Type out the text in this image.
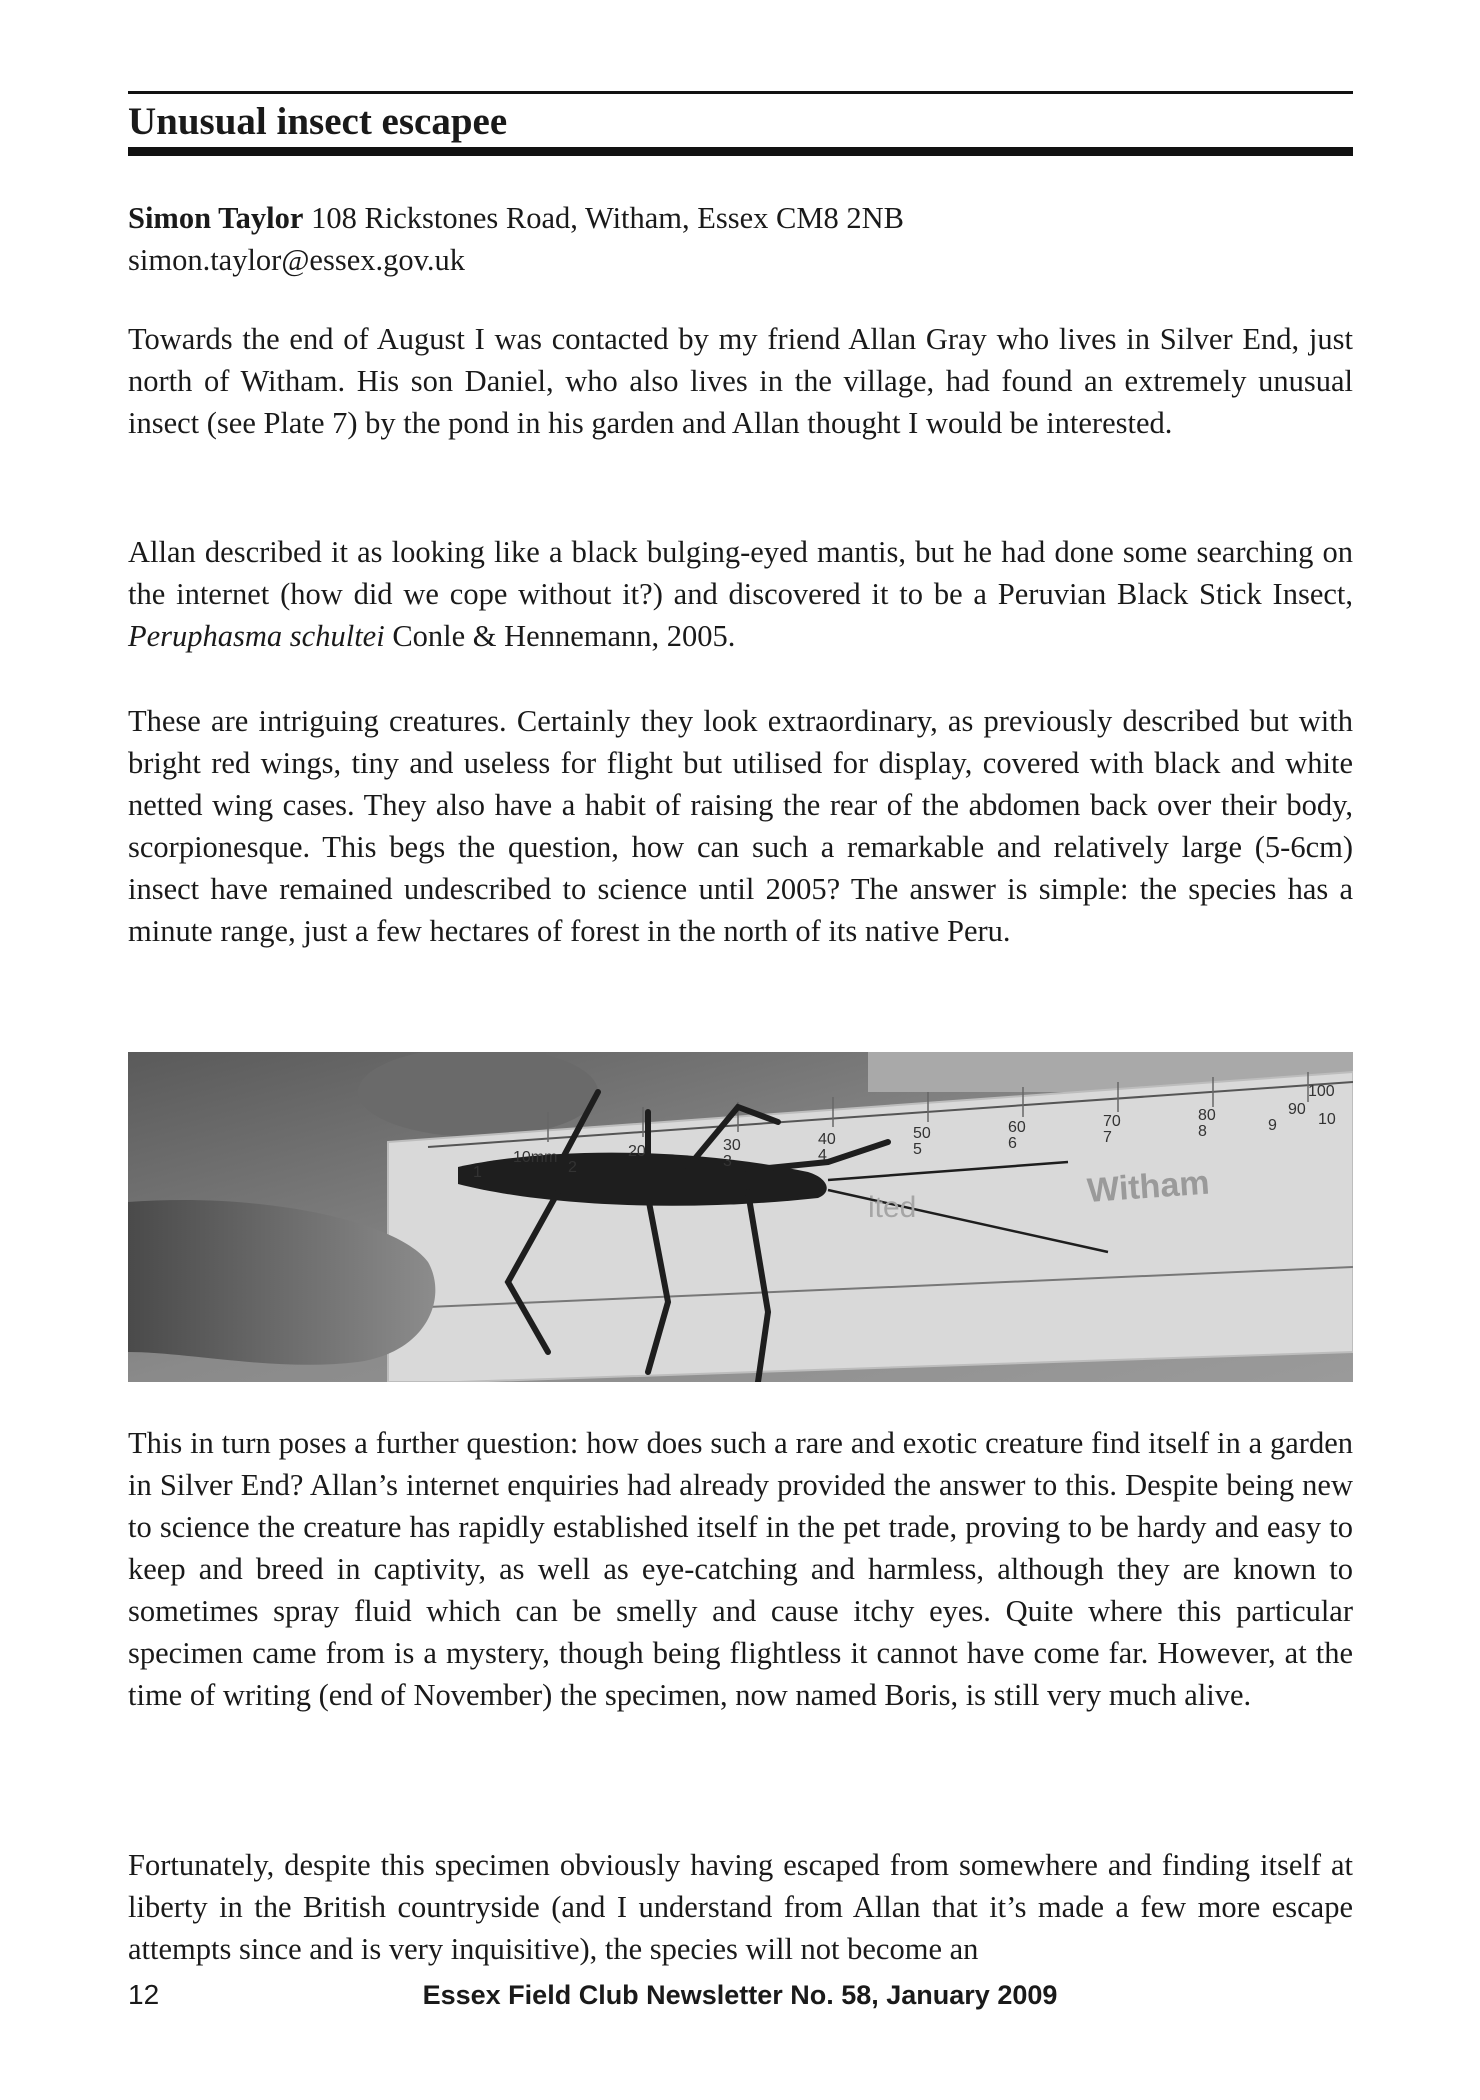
Unusual insect escapee
Simon Taylor 108 Rickstones Road, Witham, Essex CM8 2NB
simon.taylor@essex.gov.uk

Towards the end of August I was contacted by my friend Allan Gray who lives in Silver End, just north of Witham. His son Daniel, who also lives in the village, had found an extremely unusual insect (see Plate 7) by the pond in his garden and Allan thought I would be interested.

Allan described it as looking like a black bulging-eyed mantis, but he had done some searching on the internet (how did we cope without it?) and discovered it to be a Peruvian Black Stick Insect, Peruphasma schultei Conle & Hennemann, 2005.

These are intriguing creatures. Certainly they look extraordinary, as previously described but with bright red wings, tiny and useless for flight but utilised for display, covered with black and white netted wing cases. They also have a habit of raising the rear of the abdomen back over their body, scorpionesque. This begs the question, how can such a remarkable and relatively large (5-6cm) insect have remained undescribed to science until 2005? The answer is simple: the species has a minute range, just a few hectares of forest in the north of its native Peru.

10mm	20	30	40	50	60	70	80	90
100
1	2	3	4	5	6	7	8	9	10
Witham
ited

This in turn poses a further question: how does such a rare and exotic creature find itself in a garden in Silver End? Allan’s internet enquiries had already provided the answer to this. Despite being new to science the creature has rapidly established itself in the pet trade, proving to be hardy and easy to keep and breed in captivity, as well as eye-catching and harmless, although they are known to sometimes spray fluid which can be smelly and cause itchy eyes. Quite where this particular specimen came from is a mystery, though being flightless it cannot have come far. However, at the time of writing (end of November) the specimen, now named Boris, is still very much alive.

Fortunately, despite this specimen obviously having escaped from somewhere and finding itself at liberty in the British countryside (and I understand from Allan that it’s made a few more escape attempts since and is very inquisitive), the species will not become an

12	Essex Field Club Newsletter No. 58, January 2009
